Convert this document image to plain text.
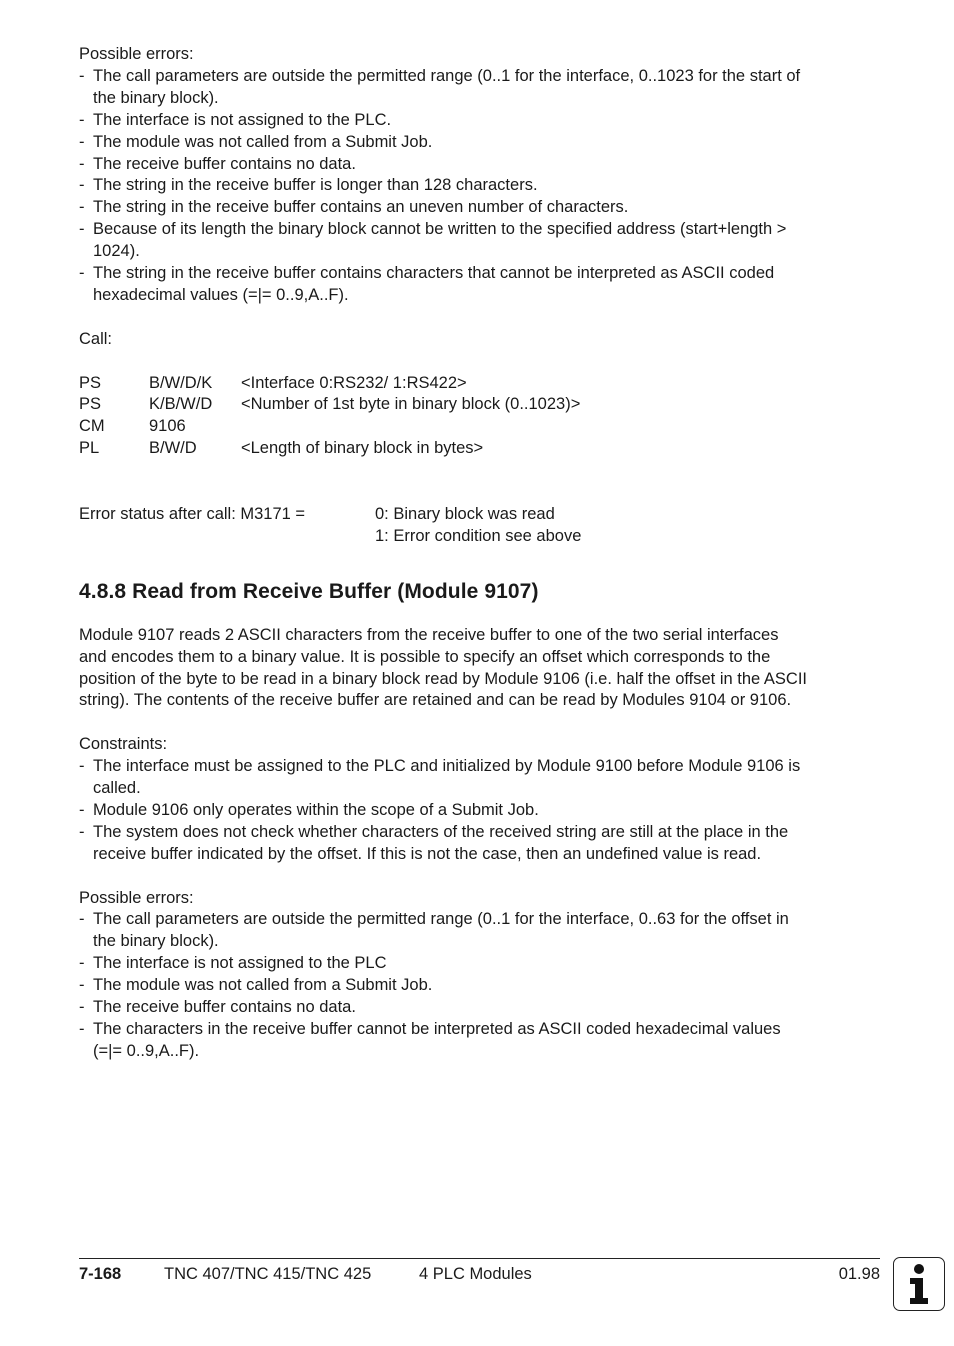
Possible errors:

- The call parameters are outside the permitted range (0..1 for the interface, 0..1023 for the start of
the binary block).
- The interface is not assigned to the PLC.
- The module was not called from a Submit Job.
- The receive buffer contains no data.
- The string in the receive buffer is longer than 128 characters.
- The string in the receive buffer contains an uneven number of characters.
- Because of its length the binary block cannot be written to the specified address (start+length >
1024).
- The string in the receive buffer contains characters that cannot be interpreted as ASCII coded
hexadecimal values (=|= 0..9,A..F).

Call:

PS	B/W/D/K	<Interface 0:RS232/ 1:RS422>
PS	K/B/W/D	<Number of 1st byte in binary block (0..1023)>
CM	9106
PL	B/W/D	<Length of binary block in bytes>
Error status after call: M3171 =	0: Binary block was read
1: Error condition see above
4.8.8 Read from Receive Buffer (Module 9107)
Module 9107 reads 2 ASCII characters from the receive buffer to one of the two serial interfaces
and encodes them to a binary value. It is possible to specify an offset which corresponds to the
position of the byte to be read in a binary block read by Module 9106 (i.e. half the offset in the ASCII
string). The contents of the receive buffer are retained and can be read by Modules 9104 or 9106.

Constraints:

- The interface must be assigned to the PLC and initialized by Module 9100 before Module 9106 is
called.
- Module 9106 only operates within the scope of a Submit Job.
- The system does not check whether characters of the received string are still at the place in the
receive buffer indicated by the offset. If this is not the case, then an undefined value is read.

Possible errors:

- The call parameters are outside the permitted range (0..1 for the interface, 0..63 for the offset in
the binary block).
- The interface is not assigned to the PLC
- The module was not called from a Submit Job.
- The receive buffer contains no data.
- The characters in the receive buffer cannot be interpreted as ASCII coded hexadecimal values
(=|= 0..9,A..F).
7-168	TNC 407/TNC 415/TNC 425	4 PLC Modules	01.98
